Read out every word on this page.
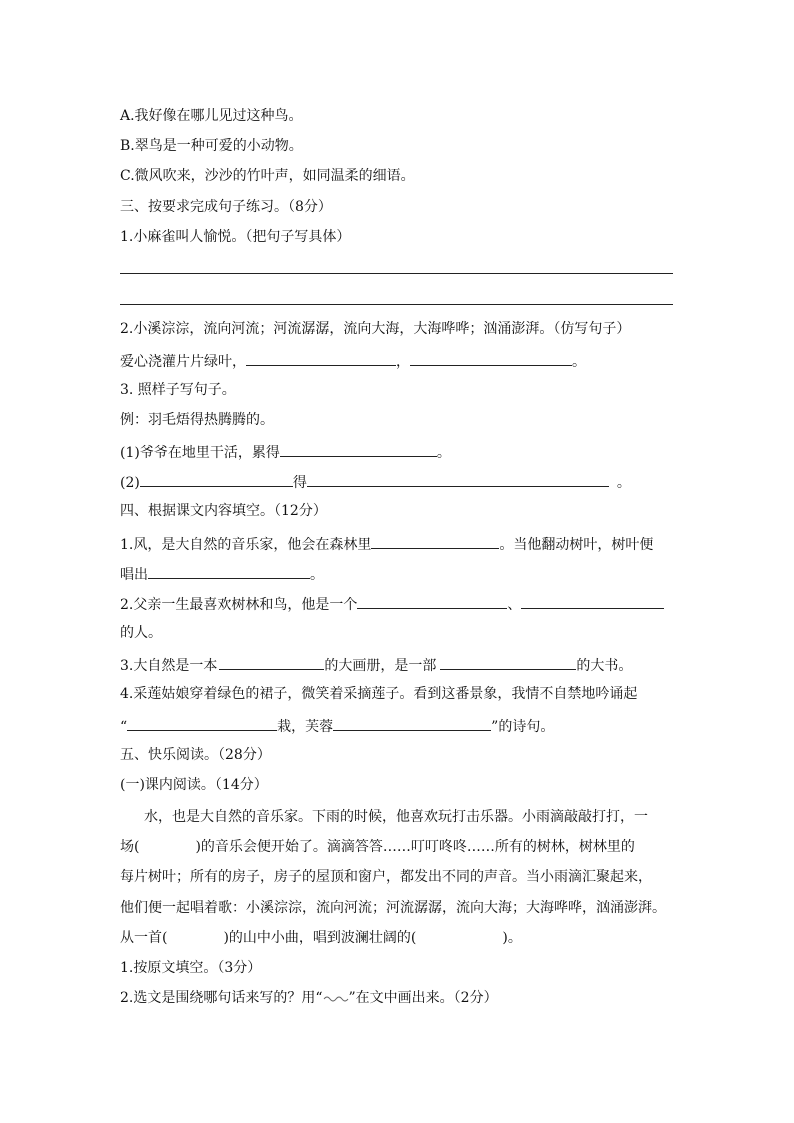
A.我好像在哪儿见过这种鸟。
B.翠鸟是一种可爱的小动物。
C.微风吹来，沙沙的竹叶声，如同温柔的细语。
三、按要求完成句子练习。（8分）
1.小麻雀叫人愉悦。（把句子写具体）
2.小溪淙淙，流向河流；河流潺潺，流向大海，大海哗哗；汹涌澎湃。（仿写句子）
爱心浇灌片片绿叶，	，	。
3. 照样子写句子。
例：羽毛焐得热腾腾的。
(1)爷爷在地里干活，累得	。
(2)	得	。
四、根据课文内容填空。（12分）
1.风，是大自然的音乐家，他会在森林里	。当他翻动树叶，树叶便
唱出	。
2.父亲一生最喜欢树林和鸟，他是一个	、
的人。
3.大自然是一本	的大画册，是一部	的大书。
4.采莲姑娘穿着绿色的裙子，微笑着采摘莲子。看到这番景象，我情不自禁地吟诵起
“	栽，芙蓉	”的诗句。
五、快乐阅读。（28分）
(一)课内阅读。（14分）
水，也是大自然的音乐家。下雨的时候，他喜欢玩打击乐器。小雨滴敲敲打打，一
场(	)的音乐会便开始了。滴滴答答……叮叮咚咚……所有的树林，树林里的
每片树叶；所有的房子，房子的屋顶和窗户，都发出不同的声音。当小雨滴汇聚起来，
他们便一起唱着歌：小溪淙淙，流向河流；河流潺潺，流向大海；大海哗哗，汹涌澎湃。
从一首(	)的山中小曲，唱到波澜壮阔的(	)。
1.按原文填空。（3分）
2.选文是围绕哪句话来写的？用“ ”在文中画出来。（2分）
